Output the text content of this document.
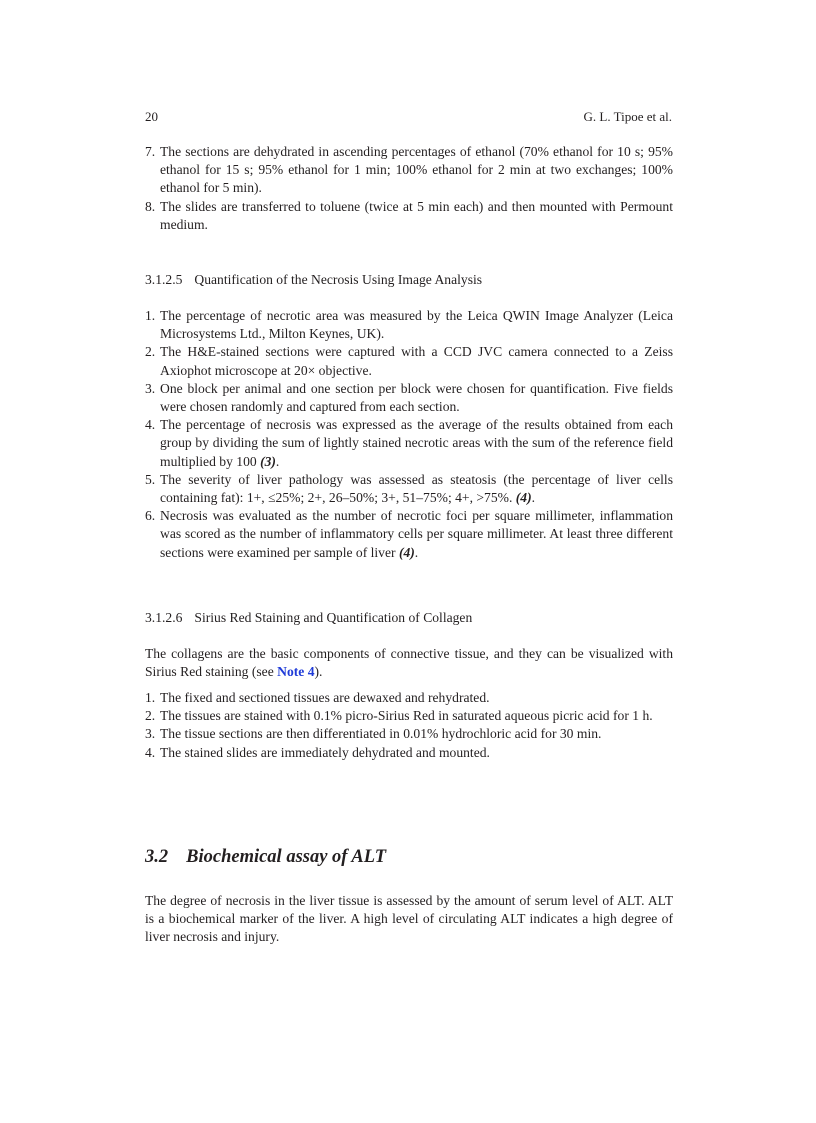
20	G. L. Tipoe et al.
7. The sections are dehydrated in ascending percentages of ethanol (70% ethanol for 10 s; 95% ethanol for 15 s; 95% ethanol for 1 min; 100% ethanol for 2 min at two exchanges; 100% ethanol for 5 min).
8. The slides are transferred to toluene (twice at 5 min each) and then mounted with Permount medium.
3.1.2.5 Quantification of the Necrosis Using Image Analysis
1. The percentage of necrotic area was measured by the Leica QWIN Image Analyzer (Leica Microsystems Ltd., Milton Keynes, UK).
2. The H&E-stained sections were captured with a CCD JVC camera connected to a Zeiss Axiophot microscope at 20× objective.
3. One block per animal and one section per block were chosen for quantification. Five fields were chosen randomly and captured from each section.
4. The percentage of necrosis was expressed as the average of the results obtained from each group by dividing the sum of lightly stained necrotic areas with the sum of the reference field multiplied by 100 (3).
5. The severity of liver pathology was assessed as steatosis (the percentage of liver cells containing fat): 1+, ≤25%; 2+, 26–50%; 3+, 51–75%; 4+, >75%. (4).
6. Necrosis was evaluated as the number of necrotic foci per square millimeter, inflammation was scored as the number of inflammatory cells per square millimeter. At least three different sections were examined per sample of liver (4).
3.1.2.6 Sirius Red Staining and Quantification of Collagen

The collagens are the basic components of connective tissue, and they can be visualized with Sirius Red staining (see Note 4).

1. The fixed and sectioned tissues are dewaxed and rehydrated.
2. The tissues are stained with 0.1% picro-Sirius Red in saturated aqueous picric acid for 1 h.
3. The tissue sections are then differentiated in 0.01% hydrochloric acid for 30 min.
4. The stained slides are immediately dehydrated and mounted.
3.2 Biochemical assay of ALT

The degree of necrosis in the liver tissue is assessed by the amount of serum level of ALT. ALT is a biochemical marker of the liver. A high level of circulating ALT indicates a high degree of liver necrosis and injury.
